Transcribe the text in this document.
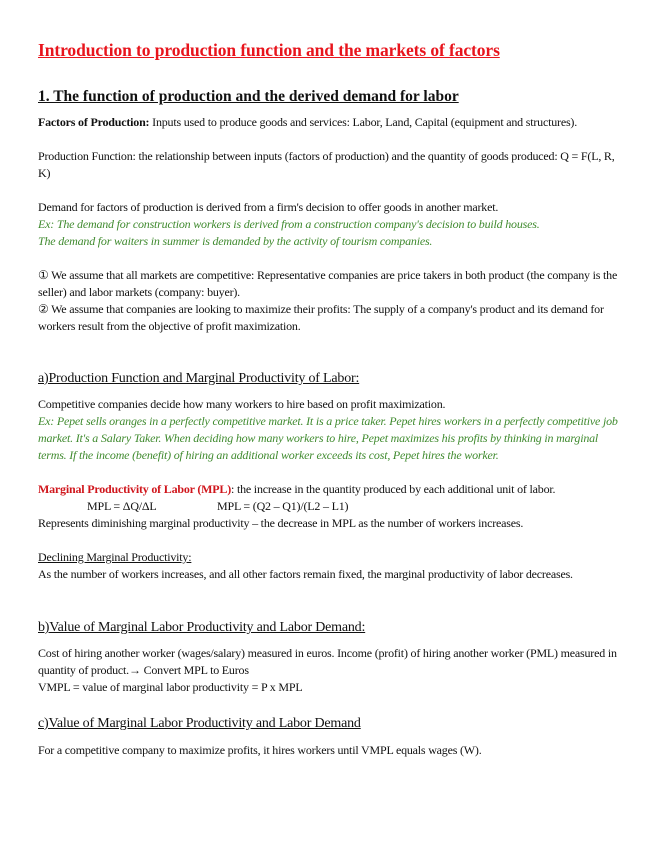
Introduction to production function and the markets of factors
1. The function of production and the derived demand for labor
Factors of Production: Inputs used to produce goods and services: Labor, Land, Capital (equipment and structures).
Production Function: the relationship between inputs (factors of production) and the quantity of goods produced: Q = F(L, R, K)
Demand for factors of production is derived from a firm's decision to offer goods in another market.
Ex: The demand for construction workers is derived from a construction company's decision to build houses.
The demand for waiters in summer is demanded by the activity of tourism companies.
① We assume that all markets are competitive: Representative companies are price takers in both product (the company is the seller) and labor markets (company: buyer).
② We assume that companies are looking to maximize their profits: The supply of a company's product and its demand for workers result from the objective of profit maximization.
a)Production Function and Marginal Productivity of Labor:
Competitive companies decide how many workers to hire based on profit maximization.
Ex: Pepet sells oranges in a perfectly competitive market. It is a price taker. Pepet hires workers in a perfectly competitive job market. It's a Salary Taker. When deciding how many workers to hire, Pepet maximizes his profits by thinking in marginal terms. If the income (benefit) of hiring an additional worker exceeds its cost, Pepet hires the worker.
Marginal Productivity of Labor (MPL): the increase in the quantity produced by each additional unit of labor.
MPL = ΔQ/ΔL	MPL = (Q2 – Q1)/(L2 – L1)
Represents diminishing marginal productivity – the decrease in MPL as the number of workers increases.
Declining Marginal Productivity:
As the number of workers increases, and all other factors remain fixed, the marginal productivity of labor decreases.
b)Value of Marginal Labor Productivity and Labor Demand:
Cost of hiring another worker (wages/salary) measured in euros. Income (profit) of hiring another worker (PML) measured in quantity of product.→ Convert MPL to Euros
VMPL = value of marginal labor productivity = P x MPL
c)Value of Marginal Labor Productivity and Labor Demand
For a competitive company to maximize profits, it hires workers until VMPL equals wages (W).
